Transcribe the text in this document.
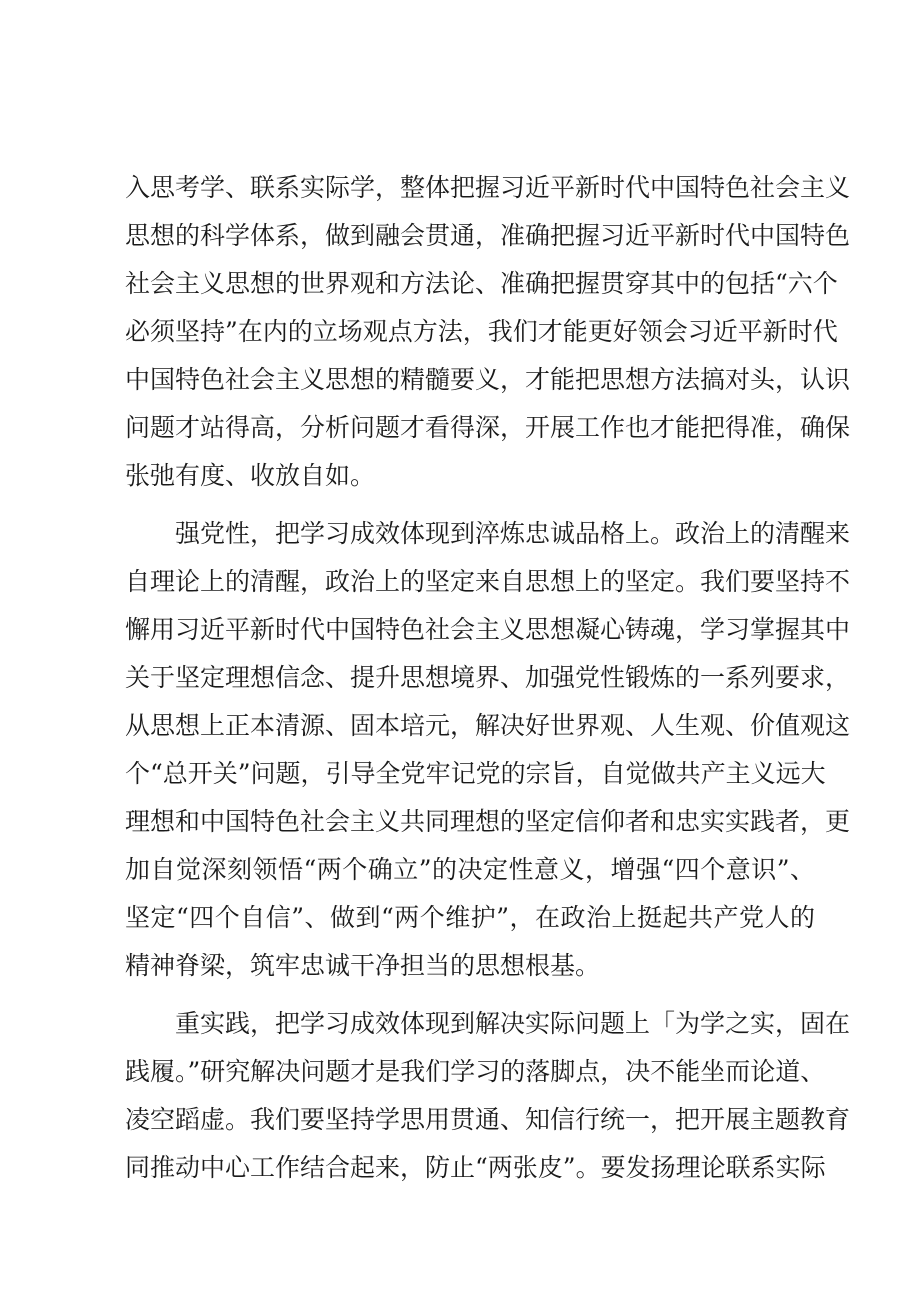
入思考学、联系实际学，整体把握习近平新时代中国特色社会主义
思想的科学体系，做到融会贯通，准确把握习近平新时代中国特色
社会主义思想的世界观和方法论、准确把握贯穿其中的包括“六个
必须坚持”在内的立场观点方法，我们才能更好领会习近平新时代
中国特色社会主义思想的精髓要义，才能把思想方法搞对头，认识
问题才站得高，分析问题才看得深，开展工作也才能把得准，确保
张弛有度、收放自如。
强党性，把学习成效体现到淬炼忠诚品格上。政治上的清醒来
自理论上的清醒，政治上的坚定来自思想上的坚定。我们要坚持不
懈用习近平新时代中国特色社会主义思想凝心铸魂，学习掌握其中
关于坚定理想信念、提升思想境界、加强党性锻炼的一系列要求，
从思想上正本清源、固本培元，解决好世界观、人生观、价值观这
个“总开关”问题，引导全党牢记党的宗旨，自觉做共产主义远大
理想和中国特色社会主义共同理想的坚定信仰者和忠实实践者，更
加自觉深刻领悟“两个确立”的决定性意义，增强“四个意识”、
坚定“四个自信”、做到“两个维护”，在政治上挺起共产党人的
精神脊梁，筑牢忠诚干净担当的思想根基。
重实践，把学习成效体现到解决实际问题上「为学之实，固在
践履。”研究解决问题才是我们学习的落脚点，决不能坐而论道、
凌空蹈虚。我们要坚持学思用贯通、知信行统一，把开展主题教育
同推动中心工作结合起来，防止“两张皮”。要发扬理论联系实际
